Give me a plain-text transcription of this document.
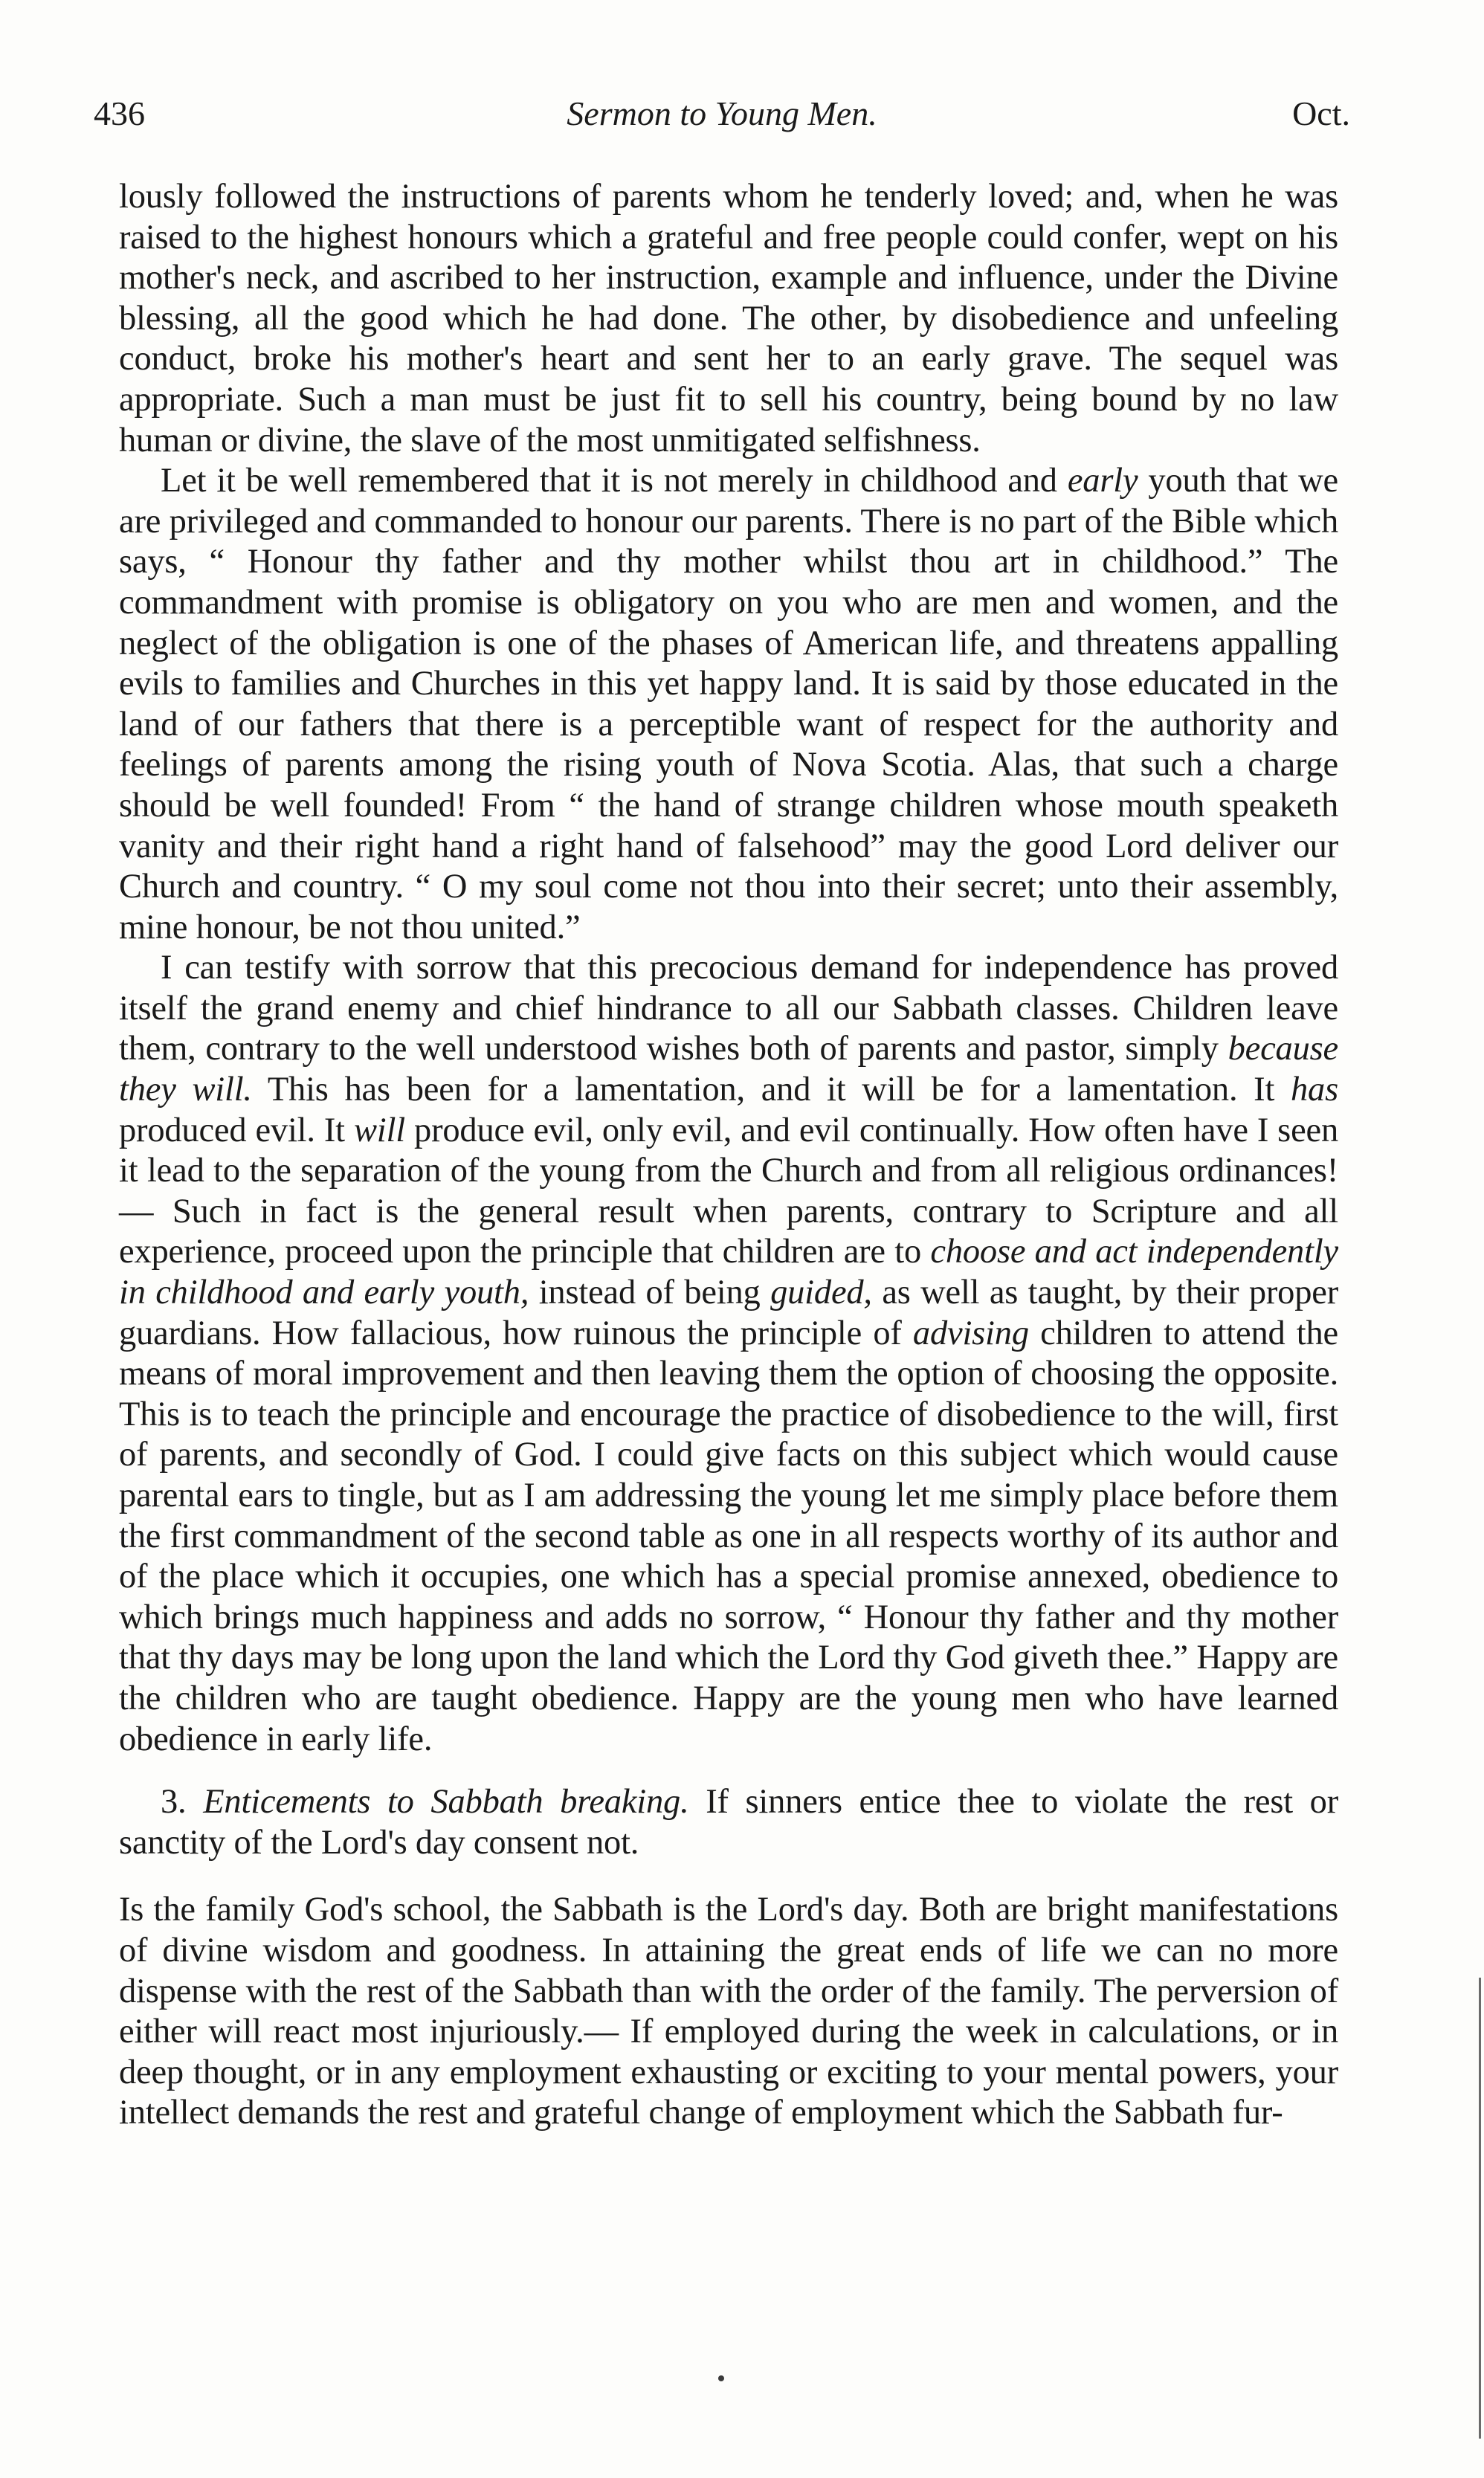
436	Sermon to Young Men.	Oct.

lously followed the instructions of parents whom he tenderly loved; and, when he was raised to the highest honours which a grateful and free people could confer, wept on his mother's neck, and ascribed to her instruction, example and influence, under the Divine blessing, all the good which he had done. The other, by disobedience and unfeeling conduct, broke his mother's heart and sent her to an early grave. The sequel was appropriate. Such a man must be just fit to sell his country, being bound by no law human or divine, the slave of the most unmitigated selfishness.

Let it be well remembered that it is not merely in childhood and early youth that we are privileged and commanded to honour our parents. There is no part of the Bible which says, “ Honour thy father and thy mother whilst thou art in childhood.” The commandment with promise is obligatory on you who are men and women, and the neglect of the obligation is one of the phases of American life, and threatens appalling evils to families and Churches in this yet happy land. It is said by those educated in the land of our fathers that there is a perceptible want of respect for the authority and feelings of parents among the rising youth of Nova Scotia. Alas, that such a charge should be well founded! From “ the hand of strange children whose mouth speaketh vanity and their right hand a right hand of falsehood” may the good Lord deliver our Church and country. “ O my soul come not thou into their secret; unto their assembly, mine honour, be not thou united.”

I can testify with sorrow that this precocious demand for independence has proved itself the grand enemy and chief hindrance to all our Sabbath classes. Children leave them, contrary to the well understood wishes both of parents and pastor, simply because they will. This has been for a lamentation, and it will be for a lamentation. It has produced evil. It will produce evil, only evil, and evil continually. How often have I seen it lead to the separation of the young from the Church and from all religious ordinances!— Such in fact is the general result when parents, contrary to Scripture and all experience, proceed upon the principle that children are to choose and act independently in childhood and early youth, instead of being guided, as well as taught, by their proper guardians. How fallacious, how ruinous the principle of advising children to attend the means of moral improvement and then leaving them the option of choosing the opposite. This is to teach the principle and encourage the practice of disobedience to the will, first of parents, and secondly of God. I could give facts on this subject which would cause parental ears to tingle, but as I am addressing the young let me simply place before them the first commandment of the second table as one in all respects worthy of its author and of the place which it occupies, one which has a special promise annexed, obedience to which brings much happiness and adds no sorrow, “ Honour thy father and thy mother that thy days may be long upon the land which the Lord thy God giveth thee.” Happy are the children who are taught obedience. Happy are the young men who have learned obedience in early life.

3. Enticements to Sabbath breaking. If sinners entice thee to violate the rest or sanctity of the Lord's day consent not.

Is the family God's school, the Sabbath is the Lord's day. Both are bright manifestations of divine wisdom and goodness. In attaining the great ends of life we can no more dispense with the rest of the Sabbath than with the order of the family. The perversion of either will react most injuriously.— If employed during the week in calculations, or in deep thought, or in any employment exhausting or exciting to your mental powers, your intellect demands the rest and grateful change of employment which the Sabbath fur-
